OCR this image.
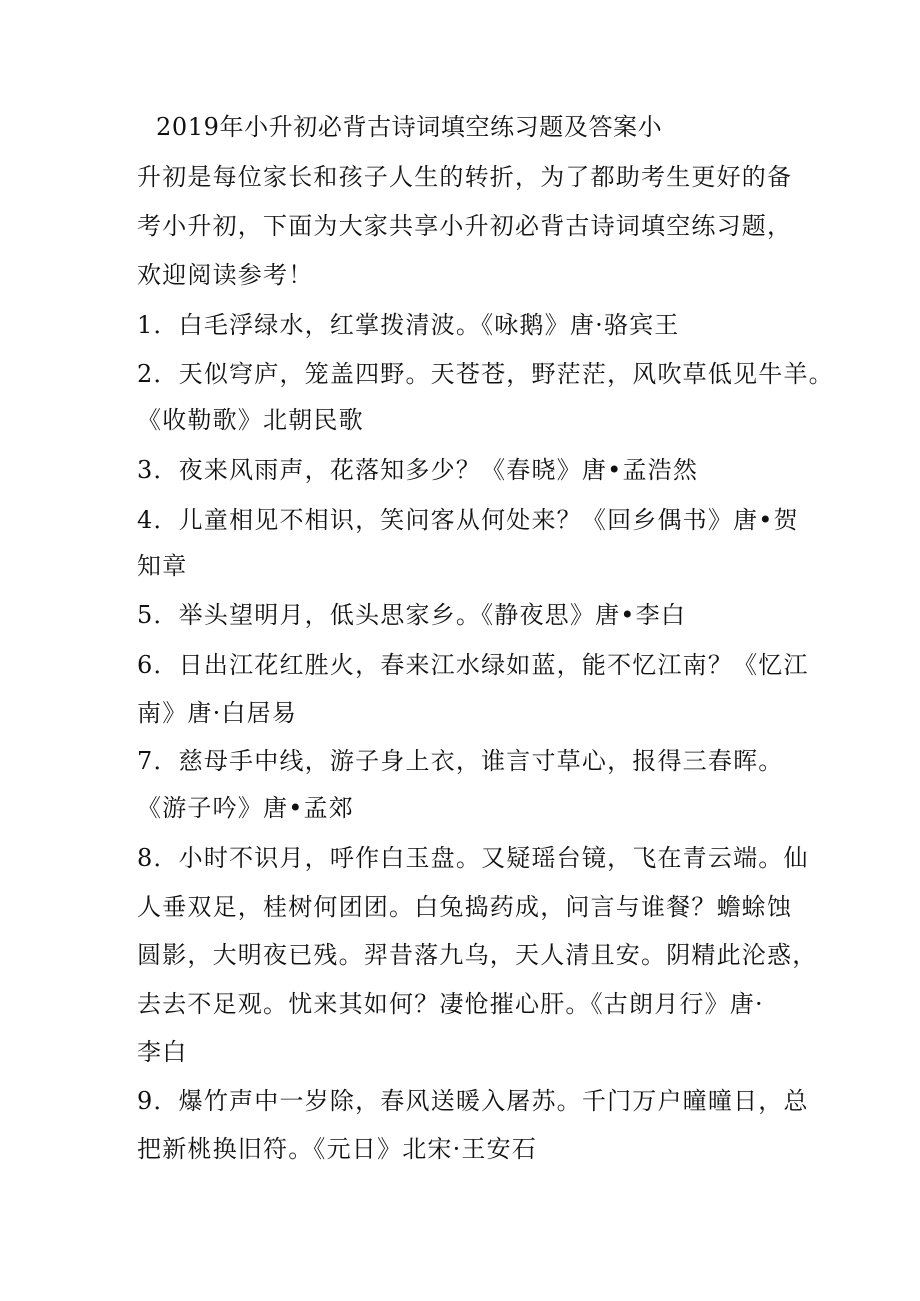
2019年小升初必背古诗词填空练习题及答案小
升初是每位家长和孩子人生的转折，为了都助考生更好的备
考小升初，下面为大家共享小升初必背古诗词填空练习题，
欢迎阅读参考！
1．白毛浮绿水，红掌拨清波。《咏鹅》唐·骆宾王
2．天似穹庐，笼盖四野。天苍苍，野茫茫，风吹草低见牛羊。
《收勒歌》北朝民歌
3．夜来风雨声，花落知多少？《春晓》唐•孟浩然
4．儿童相见不相识，笑问客从何处来？《回乡偶书》唐•贺
知章
5．举头望明月，低头思家乡。《静夜思》唐•李白
6．日出江花红胜火，春来江水绿如蓝，能不忆江南？《忆江
南》唐·白居易
7．慈母手中线，游子身上衣，谁言寸草心，报得三春晖。
《游子吟》唐•孟郊
8．小时不识月，呼作白玉盘。又疑瑶台镜，飞在青云端。仙
人垂双足，桂树何团团。白兔捣药成，问言与谁餐？蟾蜍蚀
圆影，大明夜已残。羿昔落九乌，天人清且安。阴精此沦惑，
去去不足观。忧来其如何？凄怆摧心肝。《古朗月行》唐·
李白
9．爆竹声中一岁除，春风送暖入屠苏。千门万户曈曈日，总
把新桃换旧符。《元日》北宋·王安石
